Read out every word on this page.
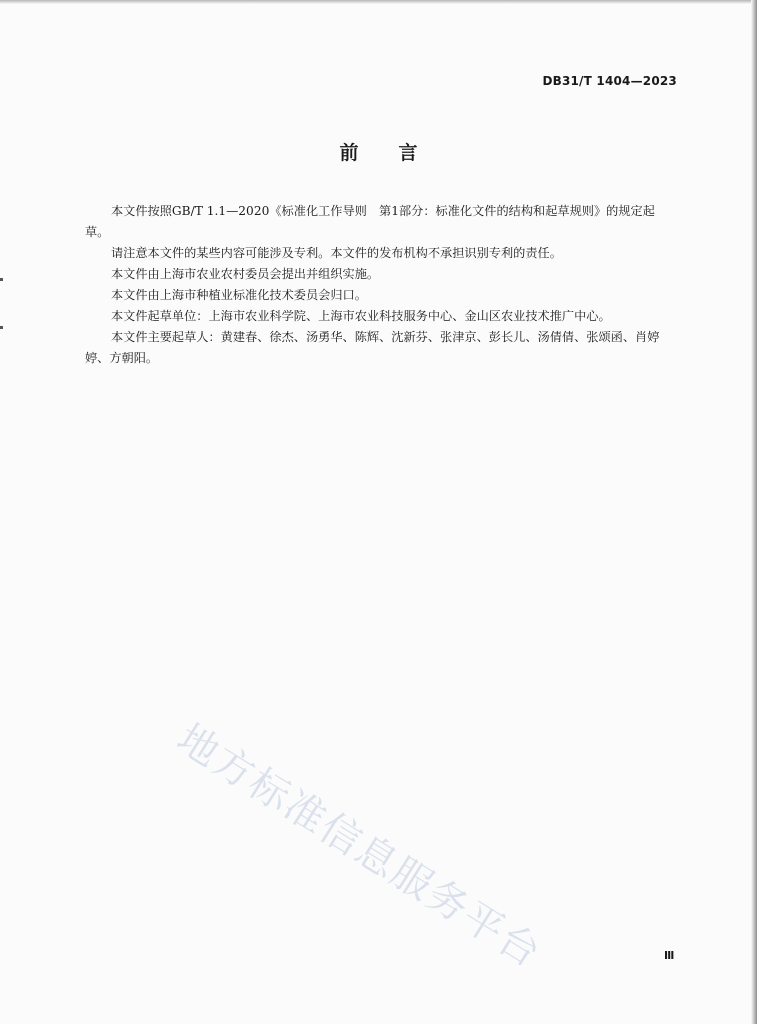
DB31/T 1404—2023
前言

本文件按照GB/T 1.1—2020《标准化工作导则　第1部分：标准化文件的结构和起草规则》的规定起草。

请注意本文件的某些内容可能涉及专利。本文件的发布机构不承担识别专利的责任。

本文件由上海市农业农村委员会提出并组织实施。

本文件由上海市种植业标准化技术委员会归口。

本文件起草单位：上海市农业科学院、上海市农业科技服务中心、金山区农业技术推广中心。

本文件主要起草人：黄建春、徐杰、汤勇华、陈辉、沈新芬、张津京、彭长儿、汤倩倩、张颂函、肖婷婷、方朝阳。

地方标准信息服务平台	Ⅲ
